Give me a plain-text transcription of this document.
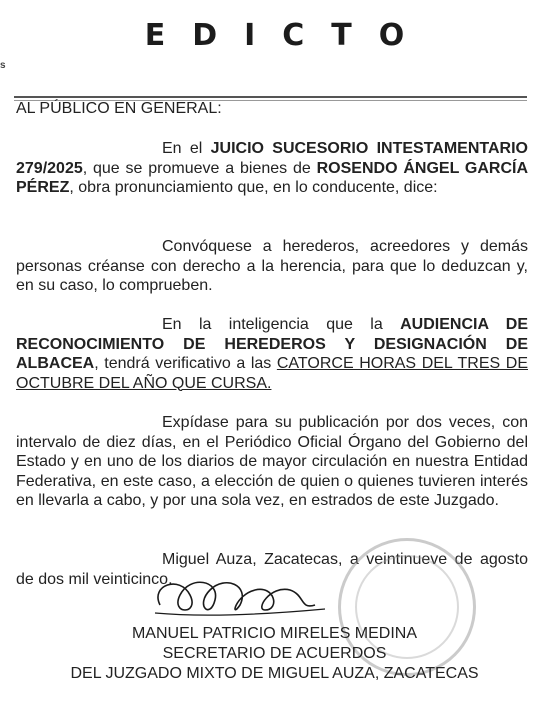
EDICTO
s
AL PÚBLICO EN GENERAL:

En el JUICIO SUCESORIO INTESTAMENTARIO 279/2025, que se promueve a bienes de ROSENDO ÁNGEL GARCÍA PÉREZ, obra pronunciamiento que, en lo conducente, dice:

Convóquese a herederos, acreedores y demás personas créanse con derecho a la herencia, para que lo deduzcan y, en su caso, lo comprueben.

En la inteligencia que la AUDIENCIA DE RECONOCIMIENTO DE HEREDEROS Y DESIGNACIÓN DE ALBACEA, tendrá verificativo a las CATORCE HORAS DEL TRES DE OCTUBRE DEL AÑO QUE CURSA.

Expídase para su publicación por dos veces, con intervalo de diez días, en el Periódico Oficial Órgano del Gobierno del Estado y en uno de los diarios de mayor circulación en nuestra Entidad Federativa, en este caso, a elección de quien o quienes tuvieren interés en llevarla a cabo, y por una sola vez, en estrados de este Juzgado.

Miguel Auza, Zacatecas, a veintinueve de agosto de dos mil veinticinco.

MANUEL PATRICIO MIRELES MEDINA
SECRETARIO DE ACUERDOS
DEL JUZGADO MIXTO DE MIGUEL AUZA, ZACATECAS
